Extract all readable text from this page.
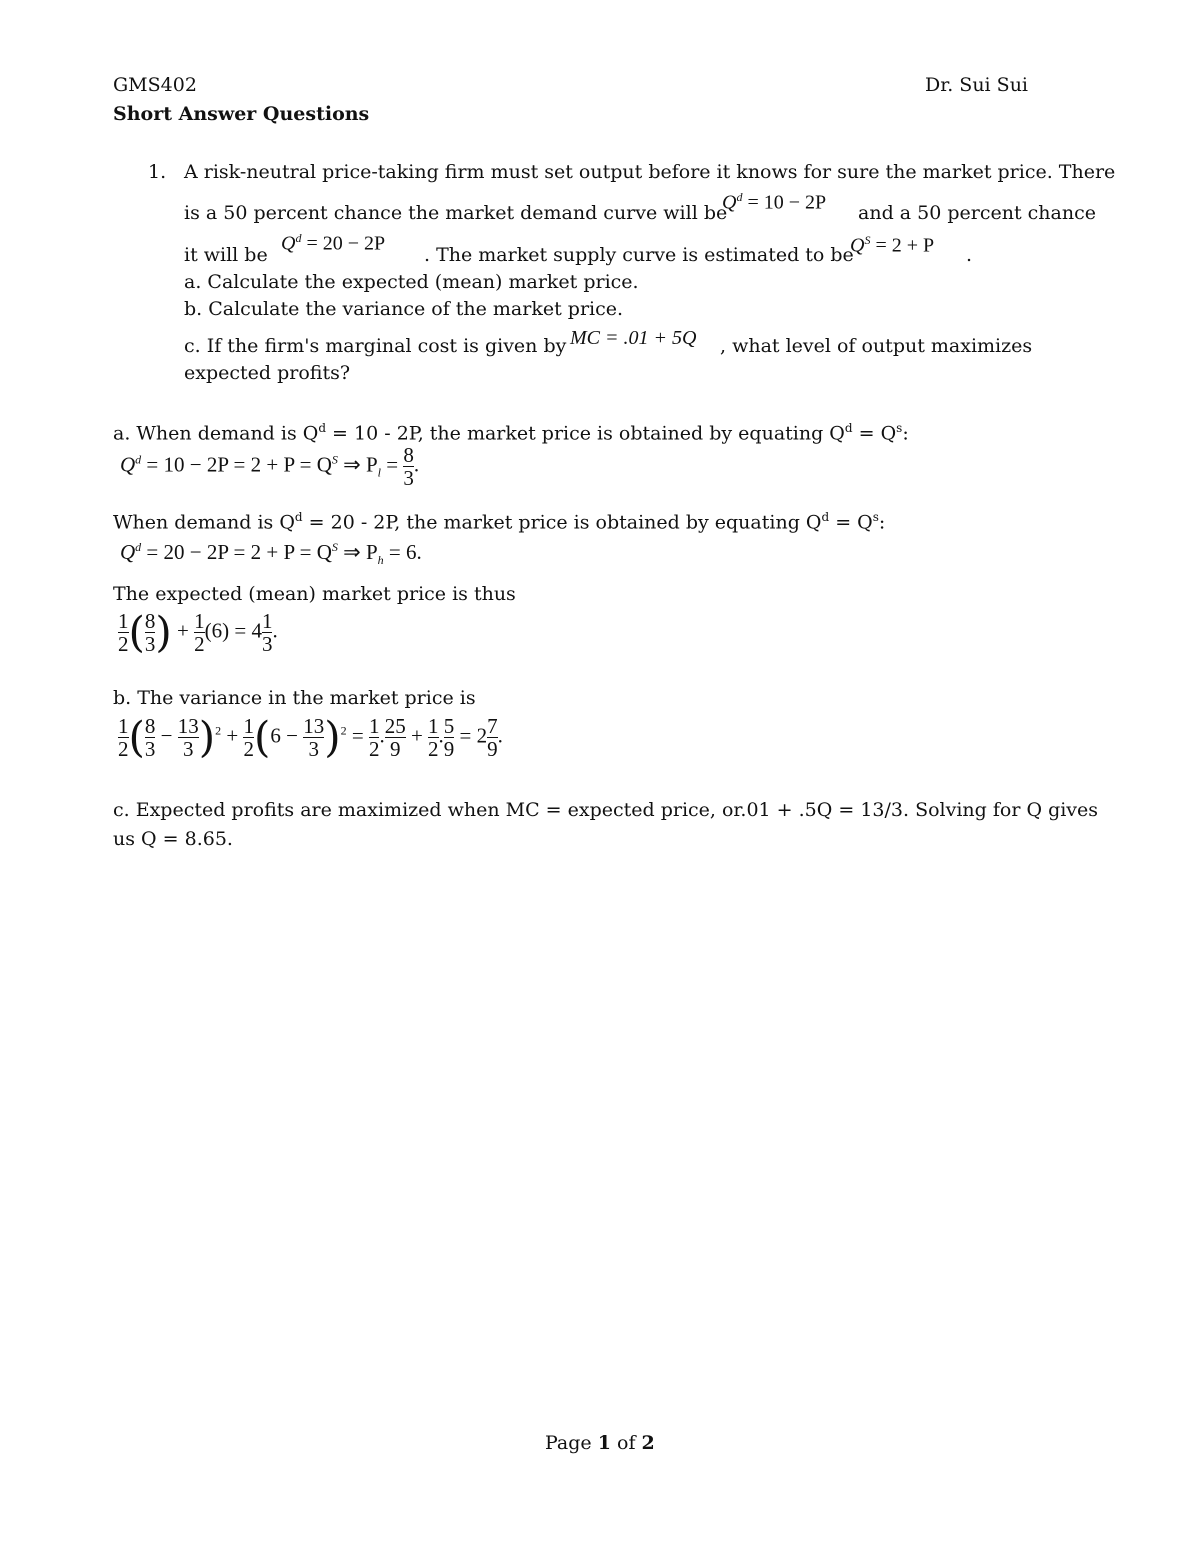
GMS402	Dr. Sui Sui
Short Answer Questions
1. A risk-neutral price-taking firm must set output before it knows for sure the market price. There
is a 50 percent chance the market demand curve will be
$Q^d = 10 - 2P$ and a 50 percent chance
it will be
$Q^d = 20 - 2P$
. The market supply curve is estimated to be
$Q^S = 2 + P$ .
a. Calculate the expected (mean) market price.
b. Calculate the variance of the market price.
c. If the firm's marginal cost is given by MC = .01 + 5Q , what level of output maximizes
expected profits?
a. When demand is $Q^d = 10 - 2P$, the market price is obtained by equating $Q^d = Q^s$:
$Q^d = 10 - 2P = 2 + P = Q^S$ ⇒ $P_l = \frac{8}{3}$ .
When demand is $Q^d = 20 - 2P$, the market price is obtained by equating $Q^d = Q^s$:
$Q^d = 20 - 2P = 2 + P = Q^S$ ⇒ $P_h = 6$.
The expected (mean) market price is thus
$\frac{1}{2}$ ( $\frac{8}{3}$ ) + $\frac{1}{2} (6) = 4 \frac{1}{3}$ .
b. The variance in the market price is
$\frac{1}{2}$ ( $\frac{8}{3} - \frac{13}{3} )^2 + \frac{1}{2} (6 - \frac{13}{3} )^2 = \frac{1}{2}$ . $\frac{25}{9} + \frac{1}{2}$ . $\frac{5}{9} = 2 \frac{7}{9}$ .
c. Expected profits are maximized when MC = expected price, or.01 + .5Q = 13/3. Solving for Q gives
us Q = 8.65.
Page 1 of 2
